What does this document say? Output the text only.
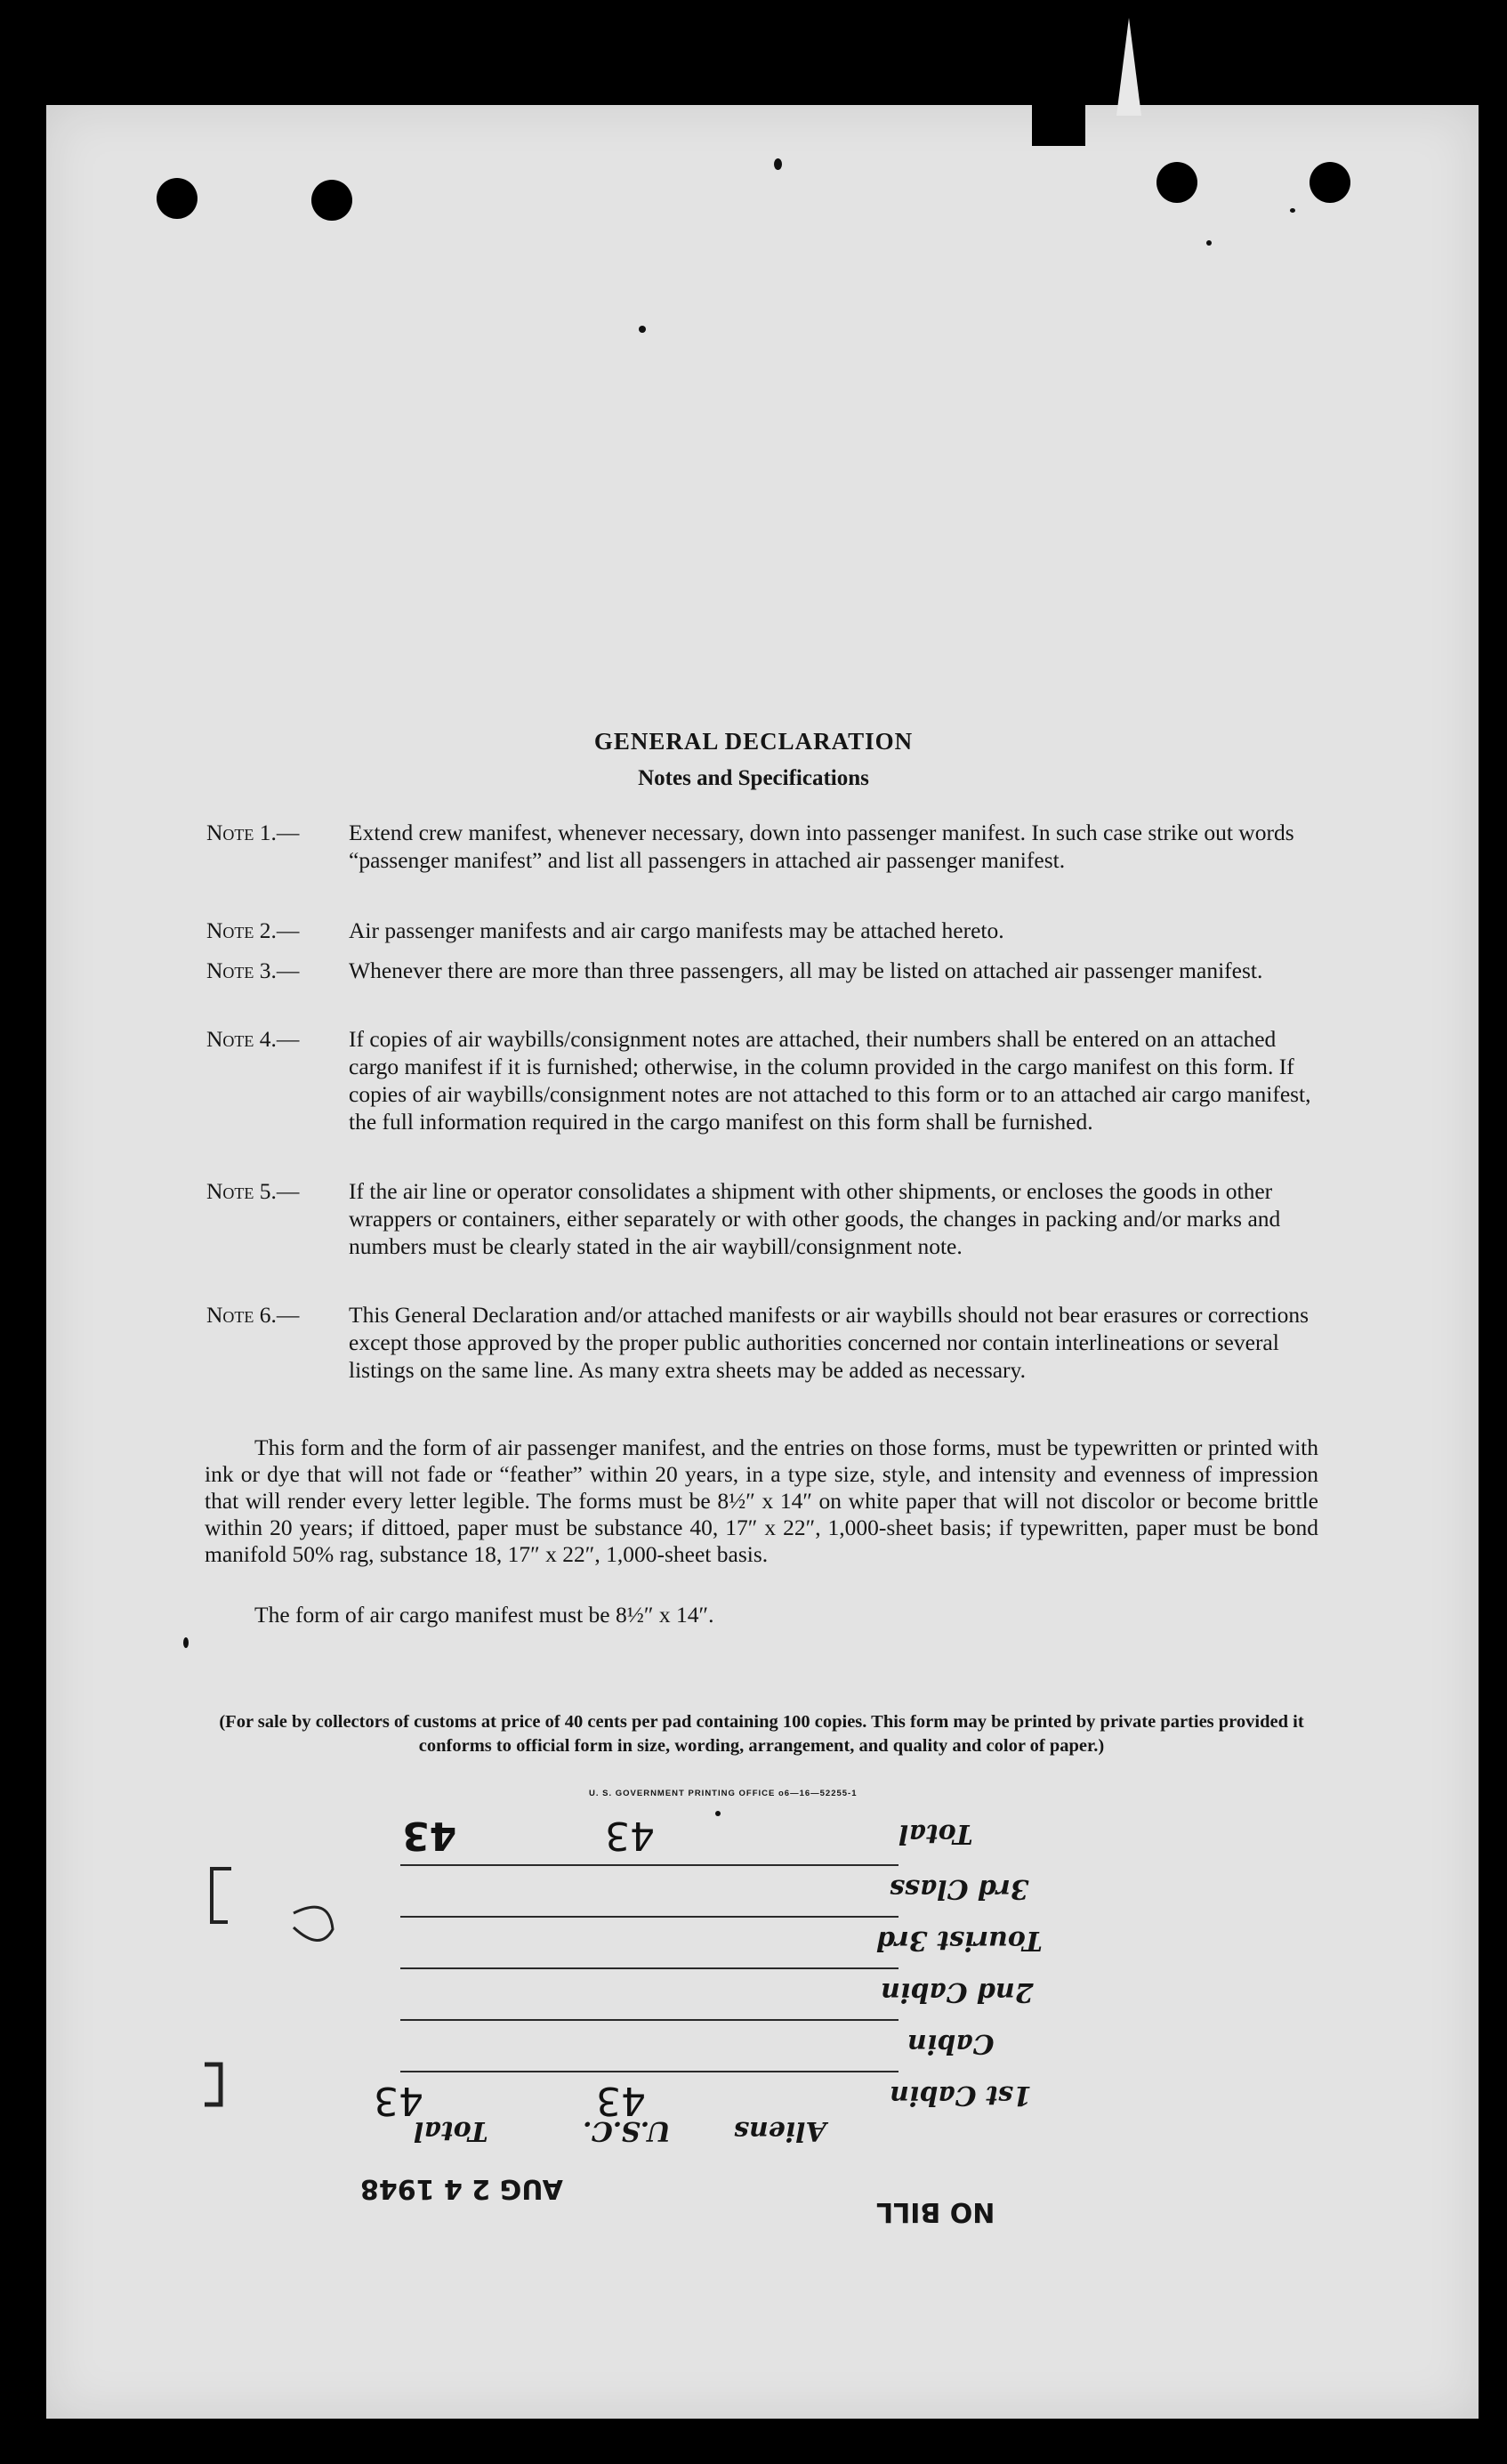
GENERAL DECLARATION
Notes and Specifications
Note 1.— Extend crew manifest, whenever necessary, down into passenger manifest. In such case strike out words “passenger manifest” and list all passengers in attached air passenger manifest.
Note 2.— Air passenger manifests and air cargo manifests may be attached hereto.
Note 3.— Whenever there are more than three passengers, all may be listed on attached air passenger manifest.
Note 4.— If copies of air waybills/consignment notes are attached, their numbers shall be entered on an attached cargo manifest if it is furnished; otherwise, in the column provided in the cargo manifest on this form. If copies of air waybills/consignment notes are not attached to this form or to an attached air cargo manifest, the full information required in the cargo manifest on this form shall be furnished.
Note 5.— If the air line or operator consolidates a shipment with other shipments, or encloses the goods in other wrappers or containers, either separately or with other goods, the changes in packing and/or marks and numbers must be clearly stated in the air waybill/consignment note.
Note 6.— This General Declaration and/or attached manifests or air waybills should not bear erasures or corrections except those approved by the proper public authorities concerned nor contain interlineations or several listings on the same line. As many extra sheets may be added as necessary.
This form and the form of air passenger manifest, and the entries on those forms, must be typewritten or printed with ink or dye that will not fade or “feather” within 20 years, in a type size, style, and intensity and evenness of impression that will render every letter legible. The forms must be 8½″ x 14″ on white paper that will not discolor or become brittle within 20 years; if dittoed, paper must be substance 40, 17″ x 22″, 1,000-sheet basis; if typewritten, paper must be bond manifold 50% rag, substance 18, 17″ x 22″, 1,000-sheet basis.
The form of air cargo manifest must be 8½″ x 14″.
(For sale by collectors of customs at price of 40 cents per pad containing 100 copies. This form may be printed by private parties provided it conforms to official form in size, wording, arrangement, and quality and color of paper.)
U. S. GOVERNMENT PRINTING OFFICE o6—16—52255-1
Total
3rd Class
Tourist 3rd
2nd Cabin
Cabin
1st Cabin
Aliens
U.S.C.
Total
43
43
43
43
AUG 2 4 1948
NO BILL
